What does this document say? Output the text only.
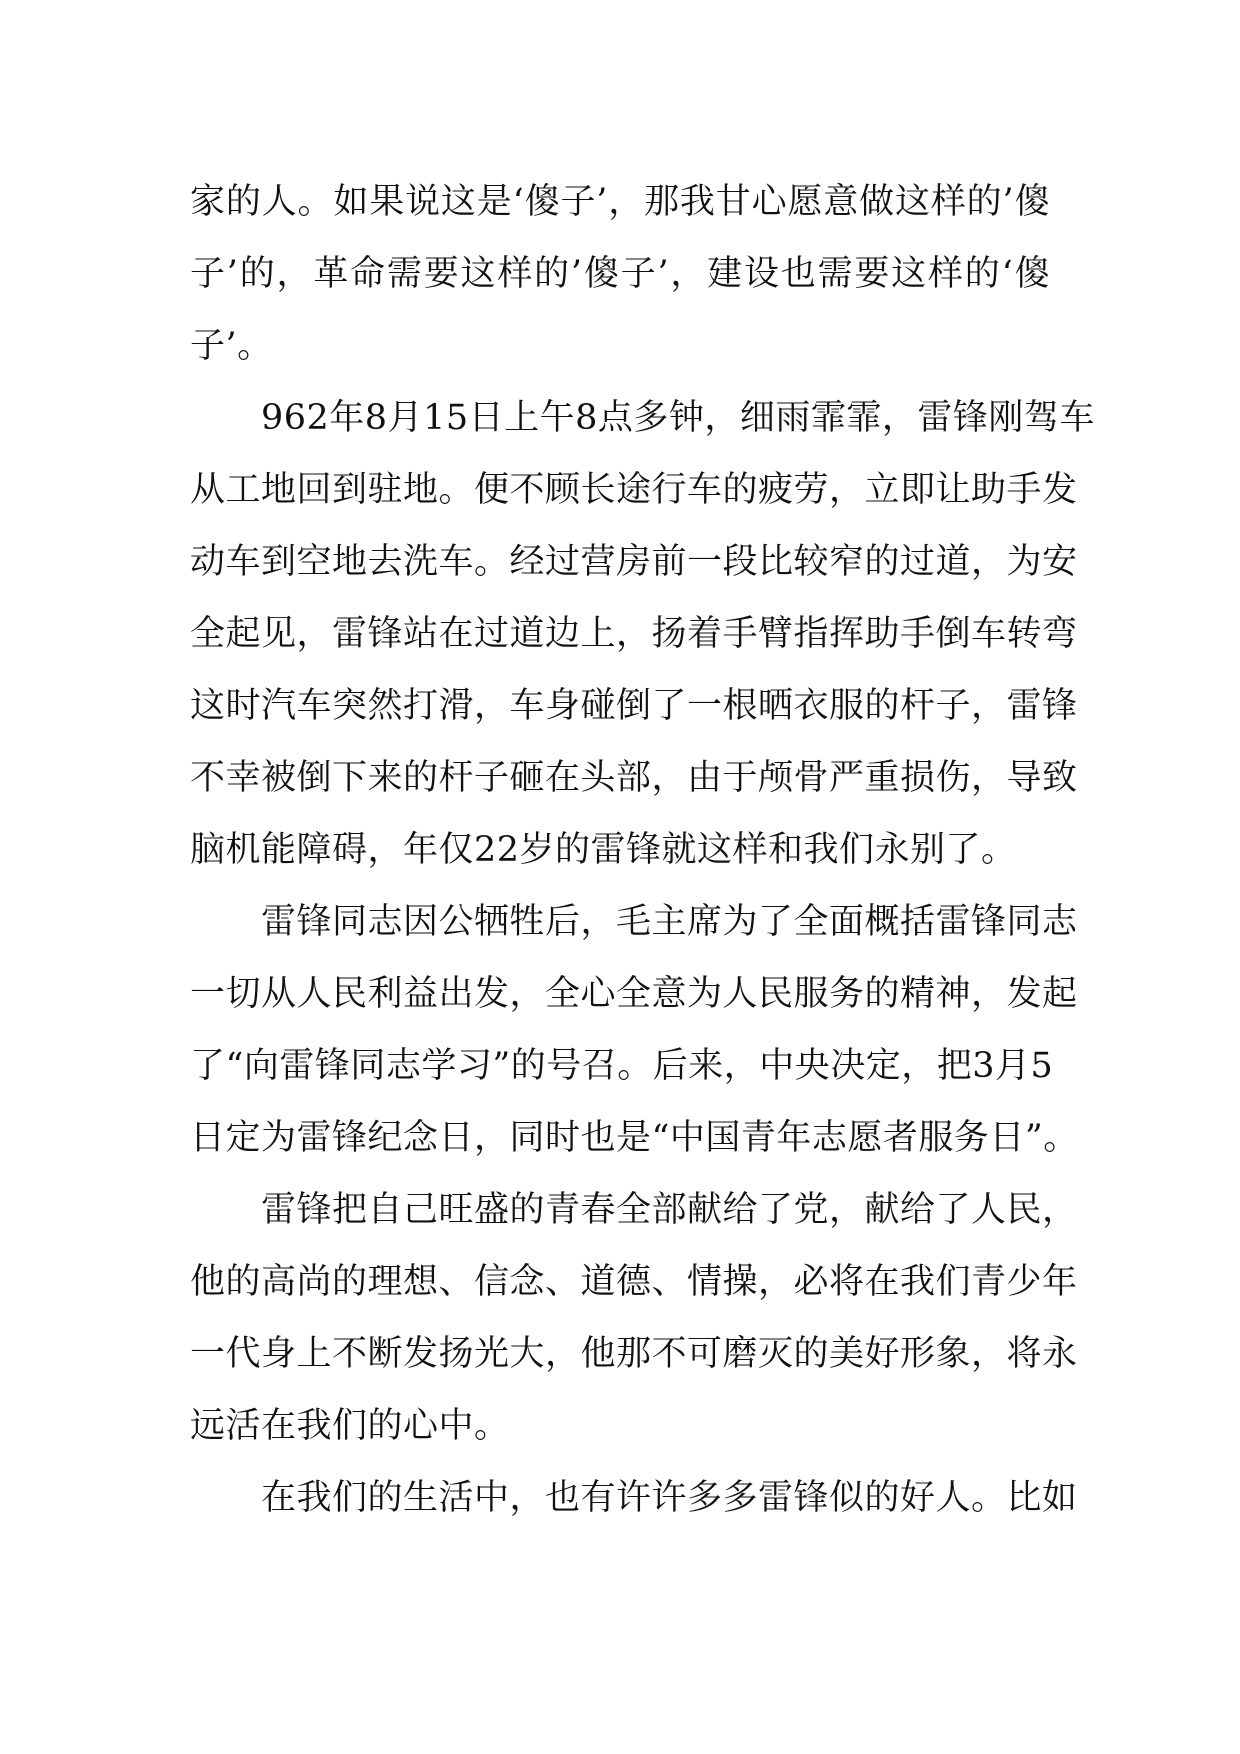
家的人。如果说这是‘傻子’，那我甘心愿意做这样的’傻
子’的，革命需要这样的’傻子’，建设也需要这样的‘傻
子’。
　　962年8月15日上午8点多钟，细雨霏霏，雷锋刚驾车
从工地回到驻地。便不顾长途行车的疲劳，立即让助手发
动车到空地去洗车。经过营房前一段比较窄的过道，为安
全起见，雷锋站在过道边上，扬着手臂指挥助手倒车转弯
这时汽车突然打滑，车身碰倒了一根晒衣服的杆子，雷锋
不幸被倒下来的杆子砸在头部，由于颅骨严重损伤，导致
脑机能障碍，年仅22岁的雷锋就这样和我们永别了。
　　雷锋同志因公牺牲后，毛主席为了全面概括雷锋同志
一切从人民利益出发，全心全意为人民服务的精神，发起
了“向雷锋同志学习”的号召。后来，中央决定，把3月5
日定为雷锋纪念日，同时也是“中国青年志愿者服务日”。
　　雷锋把自己旺盛的青春全部献给了党，献给了人民，
他的高尚的理想、信念、道德、情操，必将在我们青少年
一代身上不断发扬光大，他那不可磨灭的美好形象，将永
远活在我们的心中。
　　在我们的生活中，也有许许多多雷锋似的好人。比如
